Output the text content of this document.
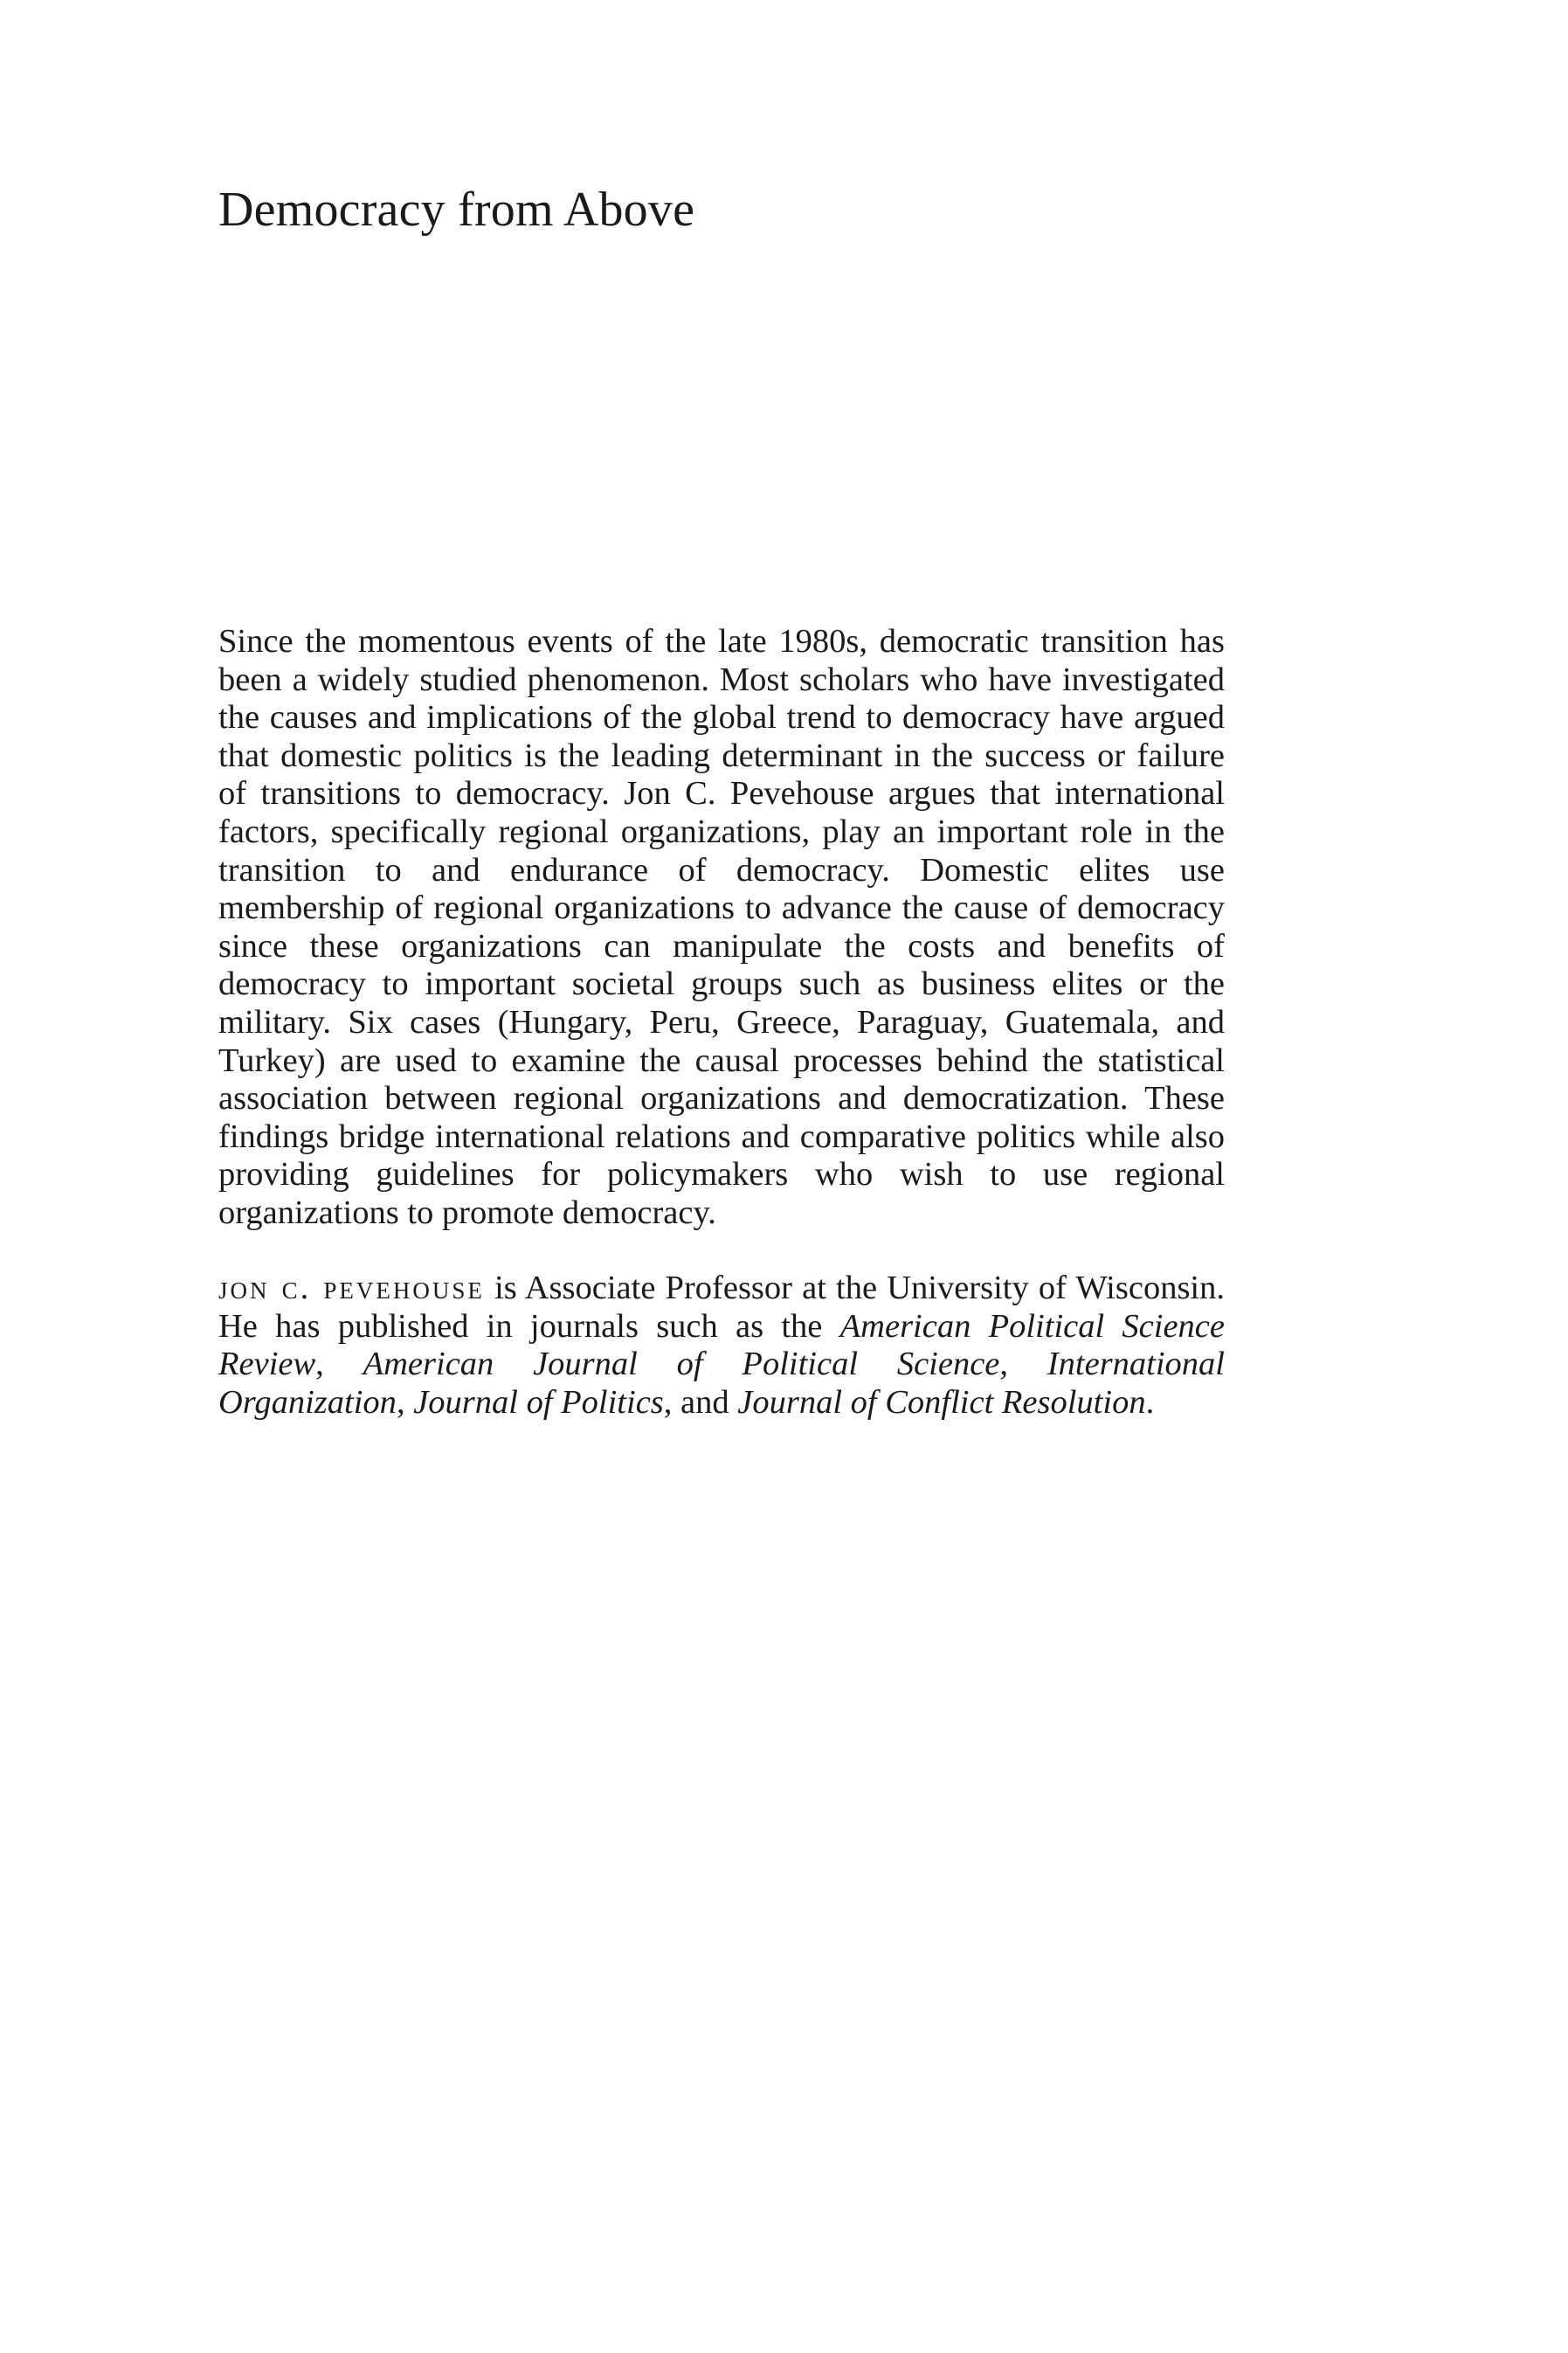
Democracy from Above

Since the momentous events of the late 1980s, democratic transition has been a widely studied phenomenon. Most scholars who have investigated the causes and implications of the global trend to democracy have argued that domestic politics is the leading determinant in the success or failure of transitions to democracy. Jon C. Pevehouse argues that international factors, specifically regional organizations, play an important role in the transition to and endurance of democracy. Domestic elites use membership of regional organizations to advance the cause of democracy since these organizations can manipulate the costs and benefits of democracy to important societal groups such as business elites or the military. Six cases (Hungary, Peru, Greece, Paraguay, Guatemala, and Turkey) are used to examine the causal processes behind the statistical association between regional organizations and democratization. These findings bridge international relations and comparative politics while also providing guidelines for policymakers who wish to use regional organizations to promote democracy.

jon c. pevehouse is Associate Professor at the University of Wisconsin. He has published in journals such as the American Political Science Review, American Journal of Political Science, International Organization, Journal of Politics, and Journal of Conflict Resolution.
